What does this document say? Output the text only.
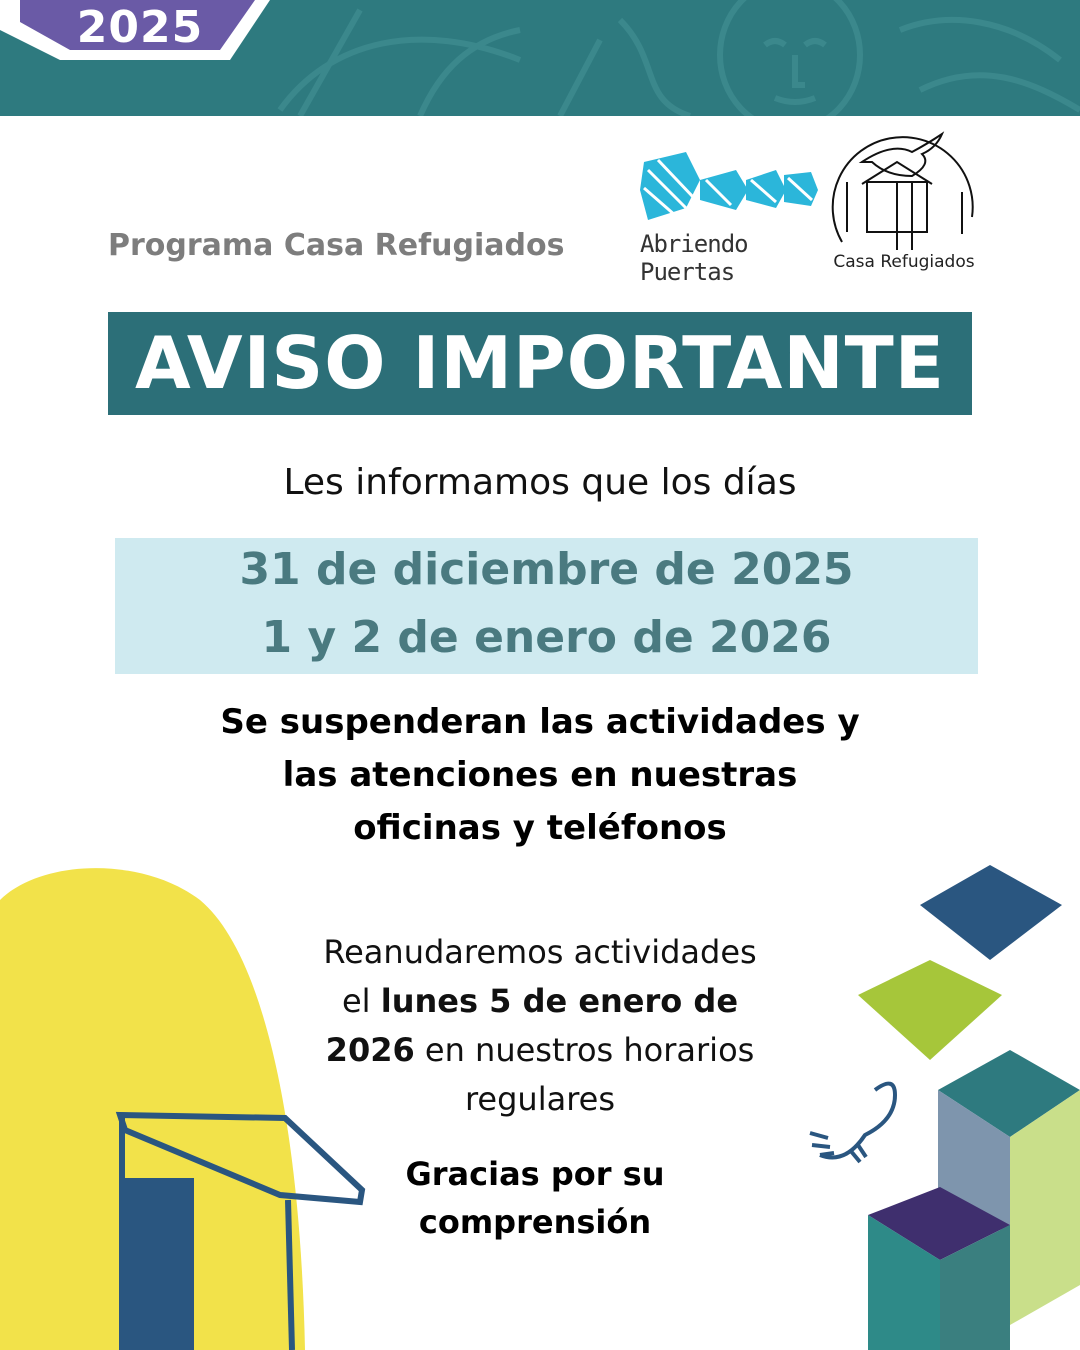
2025
Programa Casa Refugiados	Abriendo Puertas	Casa Refugiados
AVISO IMPORTANTE
Les informamos que los días
31 de diciembre de 2025
1 y 2 de enero de 2026
Se suspenderan las actividades y
las atenciones en nuestras
oficinas y teléfonos
Reanudaremos actividades
el lunes 5 de enero de
2026 en nuestros horarios
regulares
Gracias por su
comprensión
